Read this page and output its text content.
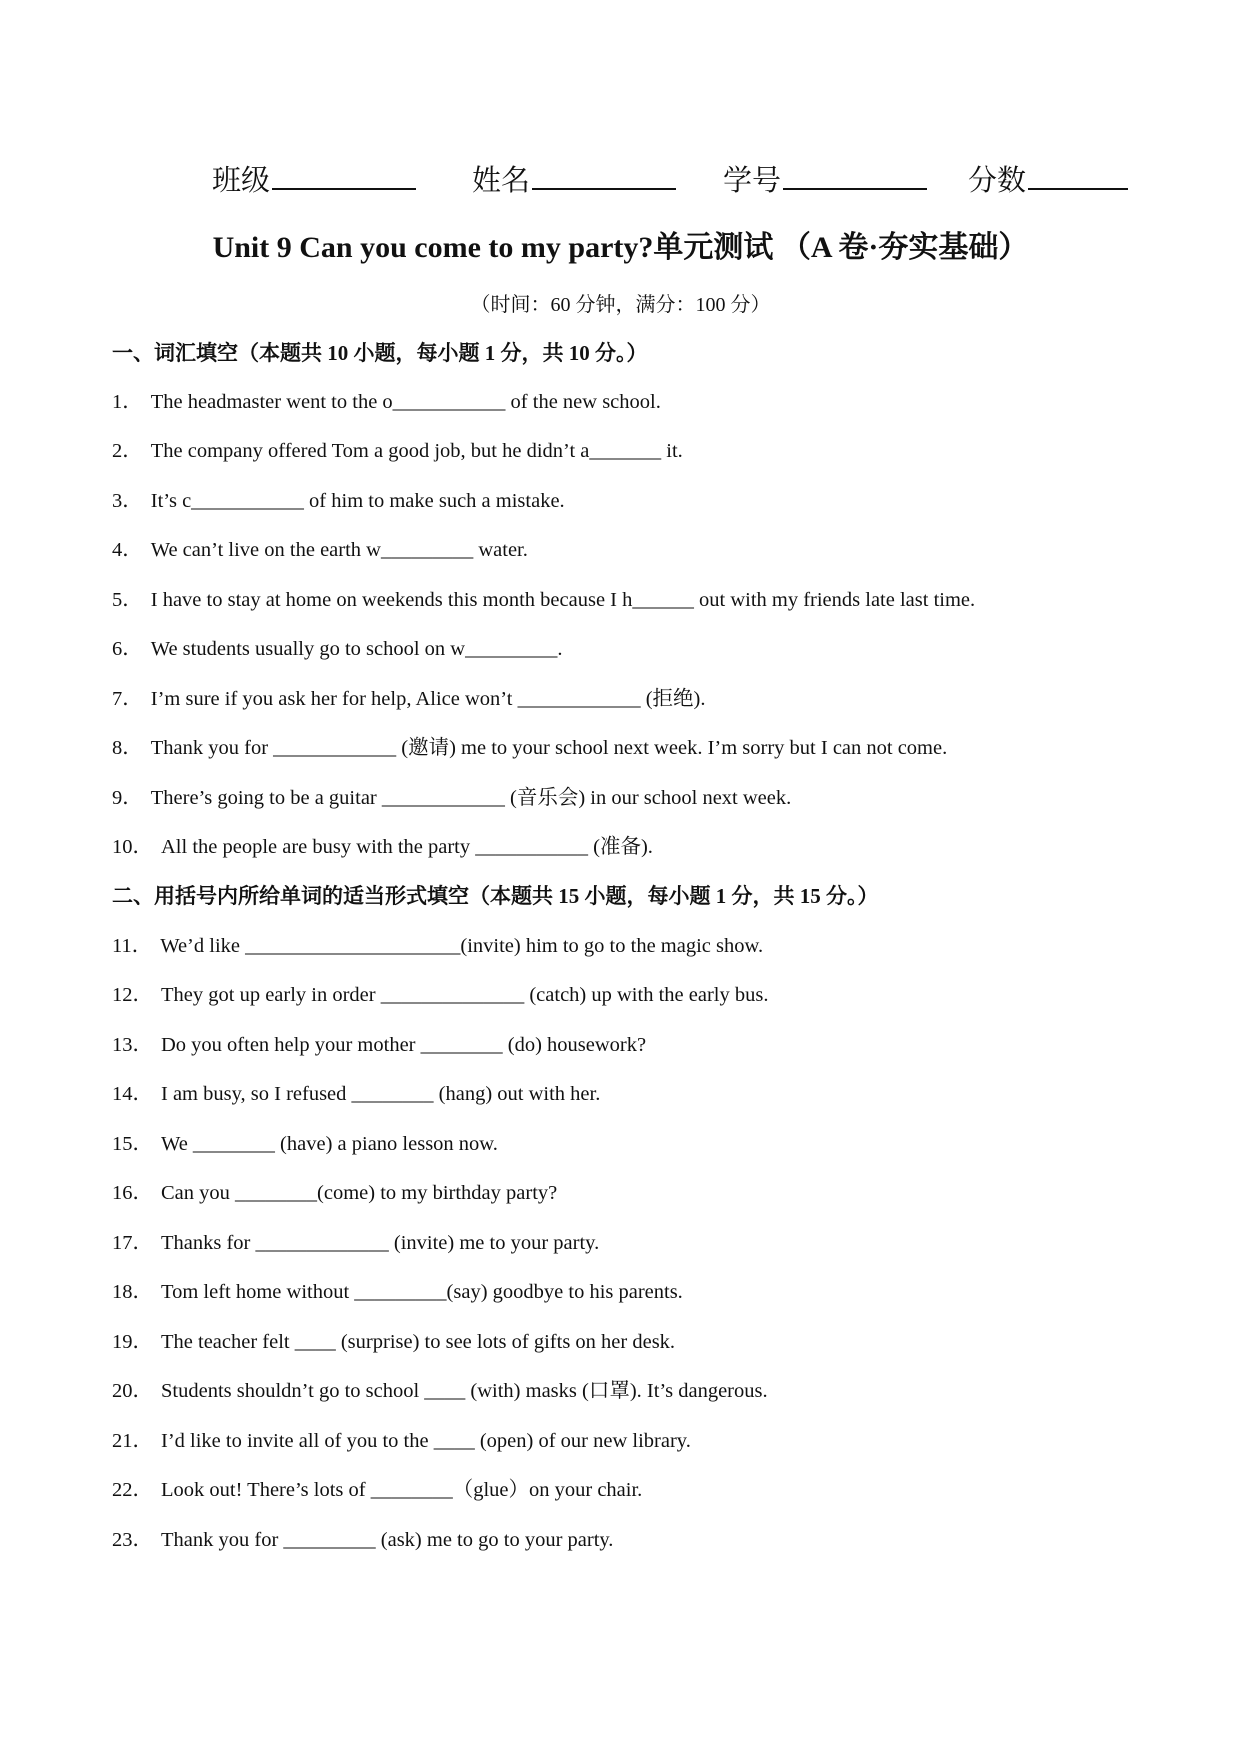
班级	姓名	学号	分数
Unit 9 Can you come to my party?单元测试 （A 卷·夯实基础）
（时间：60 分钟，满分：100 分）
一、词汇填空（本题共 10 小题，每小题 1 分，共 10 分。）
1． The headmaster went to the o___________ of the new school.
2． The company offered Tom a good job, but he didn’t a_______ it.
3． It’s c___________ of him to make such a mistake.
4． We can’t live on the earth w_________ water.
5． I have to stay at home on weekends this month because I h______ out with my friends late last time.
6． We students usually go to school on w_________.
7． I’m sure if you ask her for help, Alice won’t ____________ (拒绝).
8． Thank you for ____________ (邀请) me to your school next week. I’m sorry but I can not come.
9． There’s going to be a guitar ____________ (音乐会) in our school next week.
10． All the people are busy with the party ___________ (准备).
二、用括号内所给单词的适当形式填空（本题共 15 小题，每小题 1 分，共 15 分。）
11． We’d like _____________________(invite) him to go to the magic show.
12． They got up early in order ______________ (catch) up with the early bus.
13． Do you often help your mother ________ (do) housework?
14． I am busy, so I refused ________ (hang) out with her.
15． We ________ (have) a piano lesson now.
16． Can you ________(come) to my birthday party?
17． Thanks for _____________ (invite) me to your party.
18． Tom left home without _________(say) goodbye to his parents.
19． The teacher felt ____ (surprise) to see lots of gifts on her desk.
20． Students shouldn’t go to school ____ (with) masks (口罩). It’s dangerous.
21． I’d like to invite all of you to the ____ (open) of our new library.
22． Look out! There’s lots of ________（glue）on your chair.
23． Thank you for _________ (ask) me to go to your party.
